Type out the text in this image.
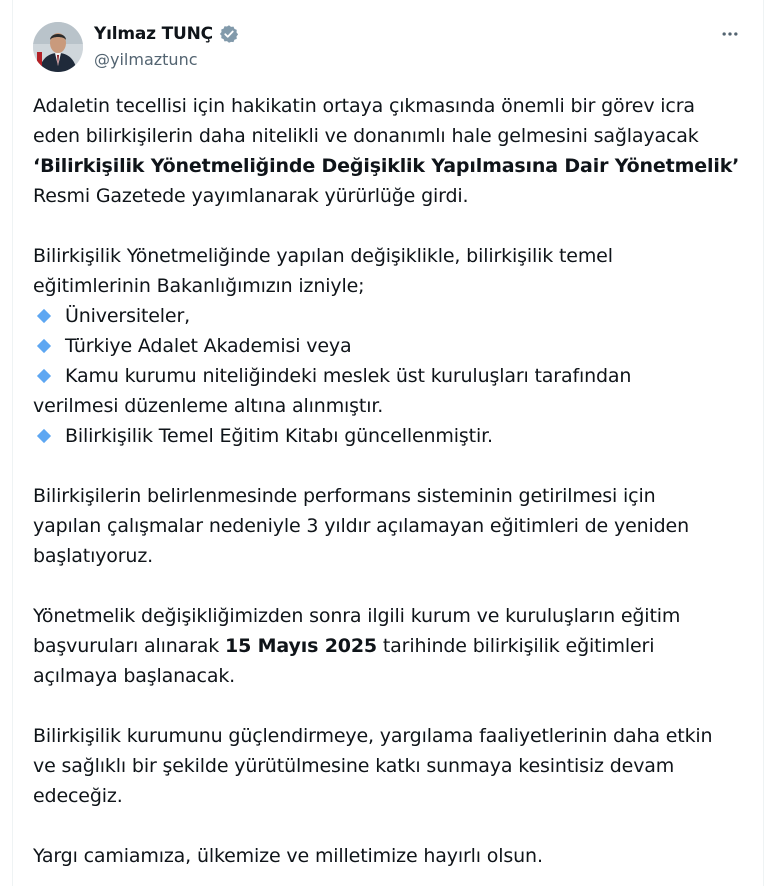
Yılmaz TUNÇ
@yilmaztunc

Adaletin tecellisi için hakikatin ortaya çıkmasında önemli bir görev icra
eden bilirkişilerin daha nitelikli ve donanımlı hale gelmesini sağlayacak
‘Bilirkişilik Yönetmeliğinde Değişiklik Yapılmasına Dair Yönetmelik’
Resmi Gazetede yayımlanarak yürürlüğe girdi.

Bilirkişilik Yönetmeliğinde yapılan değişiklikle, bilirkişilik temel
eğitimlerinin Bakanlığımızın izniyle;

Üniversiteler,
Türkiye Adalet Akademisi veya
Kamu kurumu niteliğindeki meslek üst kuruluşları tarafından

verilmesi düzenleme altına alınmıştır.

Bilirkişilik Temel Eğitim Kitabı güncellenmiştir.

Bilirkişilerin belirlenmesinde performans sisteminin getirilmesi için
yapılan çalışmalar nedeniyle 3 yıldır açılamayan eğitimleri de yeniden
başlatıyoruz.

Yönetmelik değişikliğimizden sonra ilgili kurum ve kuruluşların eğitim
başvuruları alınarak 15 Mayıs 2025 tarihinde bilirkişilik eğitimleri
açılmaya başlanacak.

Bilirkişilik kurumunu güçlendirmeye, yargılama faaliyetlerinin daha etkin
ve sağlıklı bir şekilde yürütülmesine katkı sunmaya kesintisiz devam
edeceğiz.

Yargı camiamıza, ülkemize ve milletimize hayırlı olsun.
